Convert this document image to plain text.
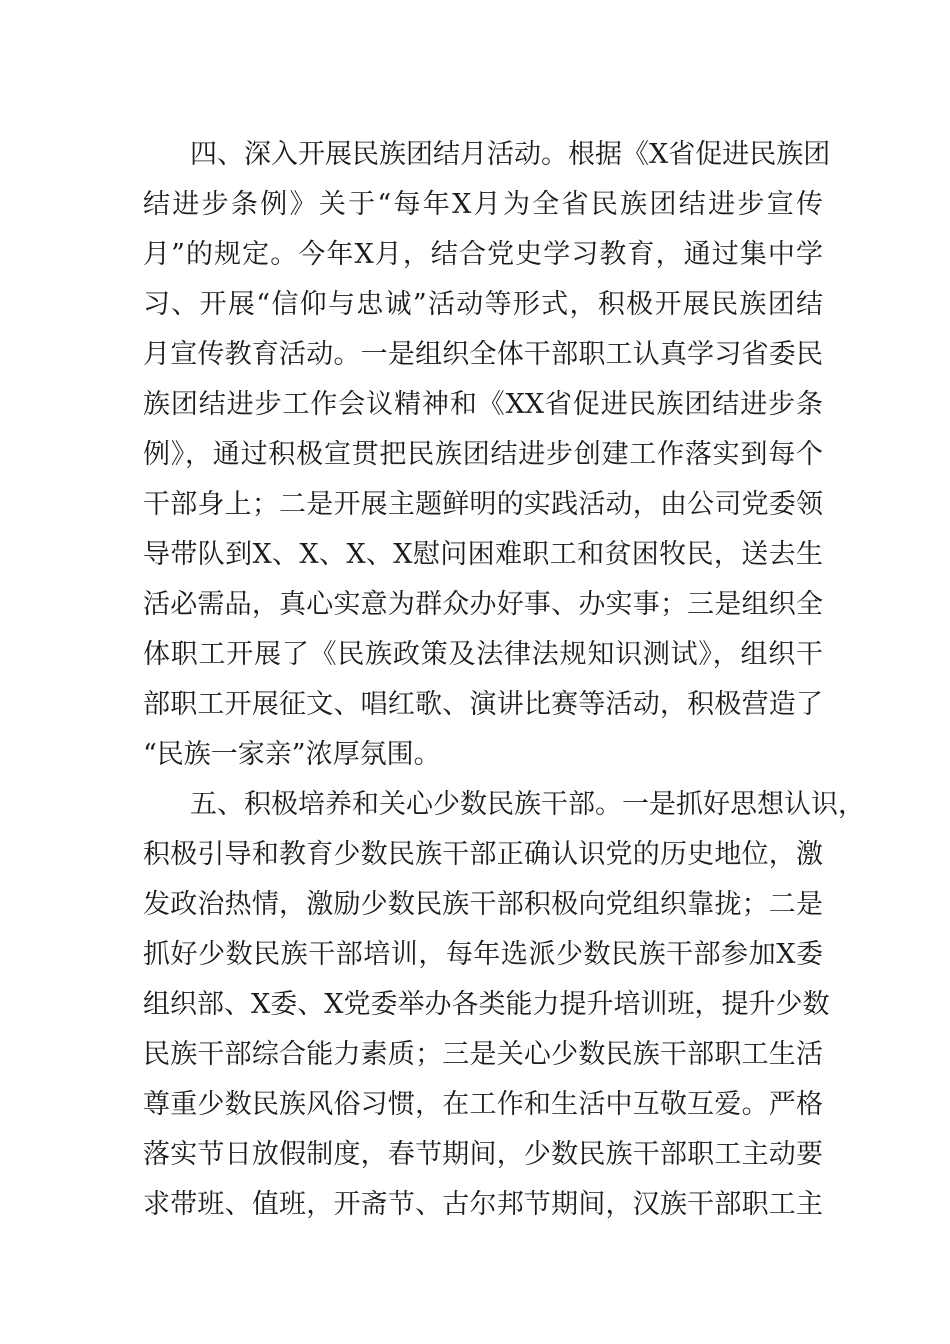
四、深入开展民族团结月活动。根据《X省促进民族团
结进步条例》关于“每年X月为全省民族团结进步宣传
月”的规定。今年X月，结合党史学习教育，通过集中学
习、开展“信仰与忠诚”活动等形式，积极开展民族团结
月宣传教育活动。一是组织全体干部职工认真学习省委民
族团结进步工作会议精神和《XX省促进民族团结进步条
例》，通过积极宣贯把民族团结进步创建工作落实到每个
干部身上；二是开展主题鲜明的实践活动，由公司党委领
导带队到X、X、X、X慰问困难职工和贫困牧民，送去生
活必需品，真心实意为群众办好事、办实事；三是组织全
体职工开展了《民族政策及法律法规知识测试》，组织干
部职工开展征文、唱红歌、演讲比赛等活动，积极营造了
“民族一家亲”浓厚氛围。
五、积极培养和关心少数民族干部。一是抓好思想认识，
积极引导和教育少数民族干部正确认识党的历史地位，激
发政治热情，激励少数民族干部积极向党组织靠拢；二是
抓好少数民族干部培训，每年选派少数民族干部参加X委
组织部、X委、X党委举办各类能力提升培训班，提升少数
民族干部综合能力素质；三是关心少数民族干部职工生活
尊重少数民族风俗习惯，在工作和生活中互敬互爱。严格
落实节日放假制度，春节期间，少数民族干部职工主动要
求带班、值班，开斋节、古尔邦节期间，汉族干部职工主
